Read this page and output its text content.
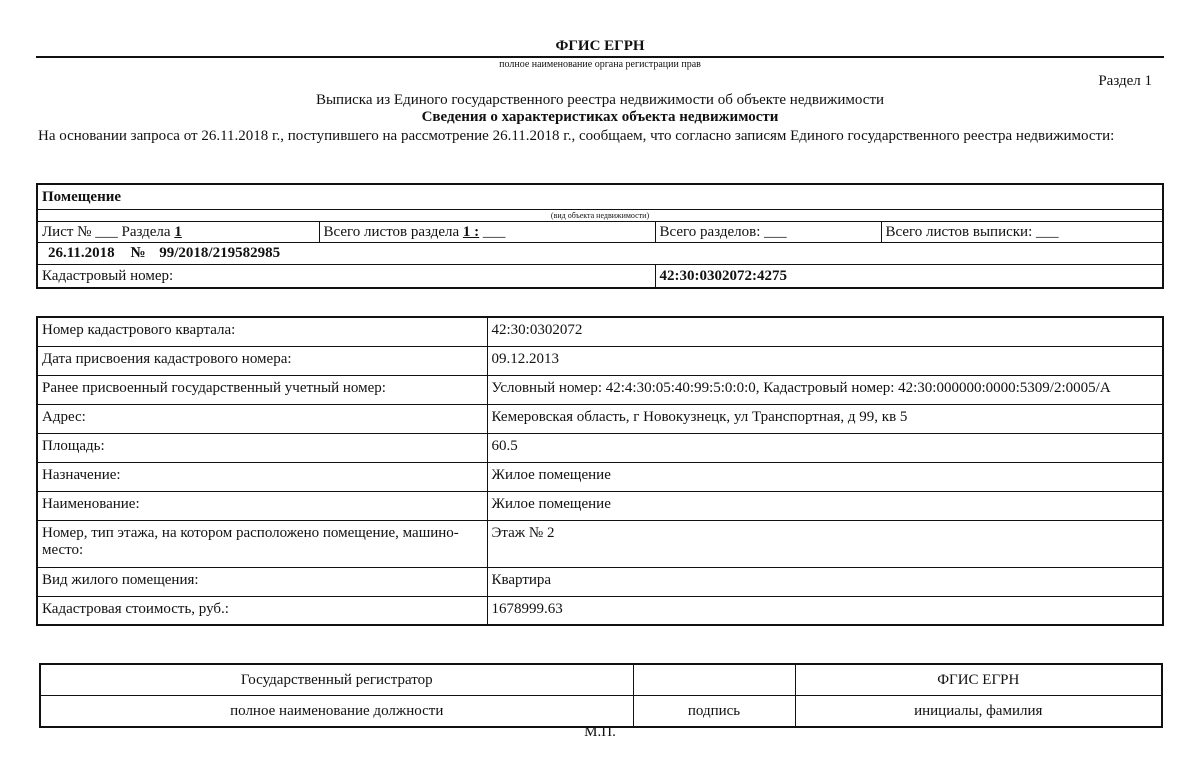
ФГИС ЕГРН
полное наименование органа регистрации прав
Раздел 1
Выписка из Единого государственного реестра недвижимости об объекте недвижимости
Сведения о характеристиках объекта недвижимости
На основании запроса от 26.11.2018 г., поступившего на рассмотрение 26.11.2018 г., сообщаем, что согласно записям Единого государственного реестра недвижимости:
Помещение			
(вид объекта недвижимости)			
Лист № ___ Раздела 1	Всего листов раздела 1 : ___	Всего разделов: ___	Всего листов выписки: ___
26.11.2018 № 99/2018/219582985			
Кадастровый номер:		42:30:0302072:4275	
Номер кадастрового квартала:	42:30:0302072
Дата присвоения кадастрового номера:	09.12.2013
Ранее присвоенный государственный учетный номер:	Условный номер: 42:4:30:05:40:99:5:0:0:0, Кадастровый номер: 42:30:000000:0000:5309/2:0005/А
Адрес:	Кемеровская область, г Новокузнецк, ул Транспортная, д 99, кв 5
Площадь:	60.5
Назначение:	Жилое помещение
Наименование:	Жилое помещение
Номер, тип этажа, на котором расположено помещение, машино-место:	Этаж № 2
Вид жилого помещения:	Квартира
Кадастровая стоимость, руб.:	1678999.63
Государственный регистратор		ФГИС ЕГРН
полное наименование должности	подпись	инициалы, фамилия
М.П.
